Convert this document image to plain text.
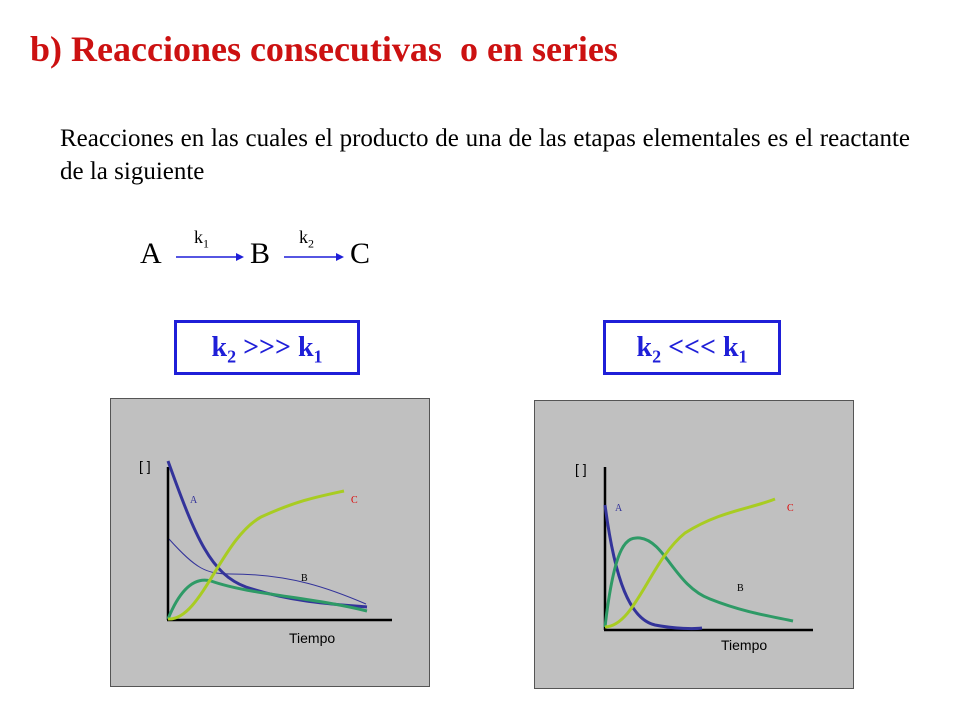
b) Reacciones consecutivas  o en series

Reacciones en las cuales el producto de una de las etapas elementales es el reactante de la siguiente

A	B	C
$k_1$	$k_2$
$k_2$ >>> $k_1$	$k_2$ <<< $k_1$
[ ]
Tiempo
A
B
C
[ ]
Tiempo
A
B
C
